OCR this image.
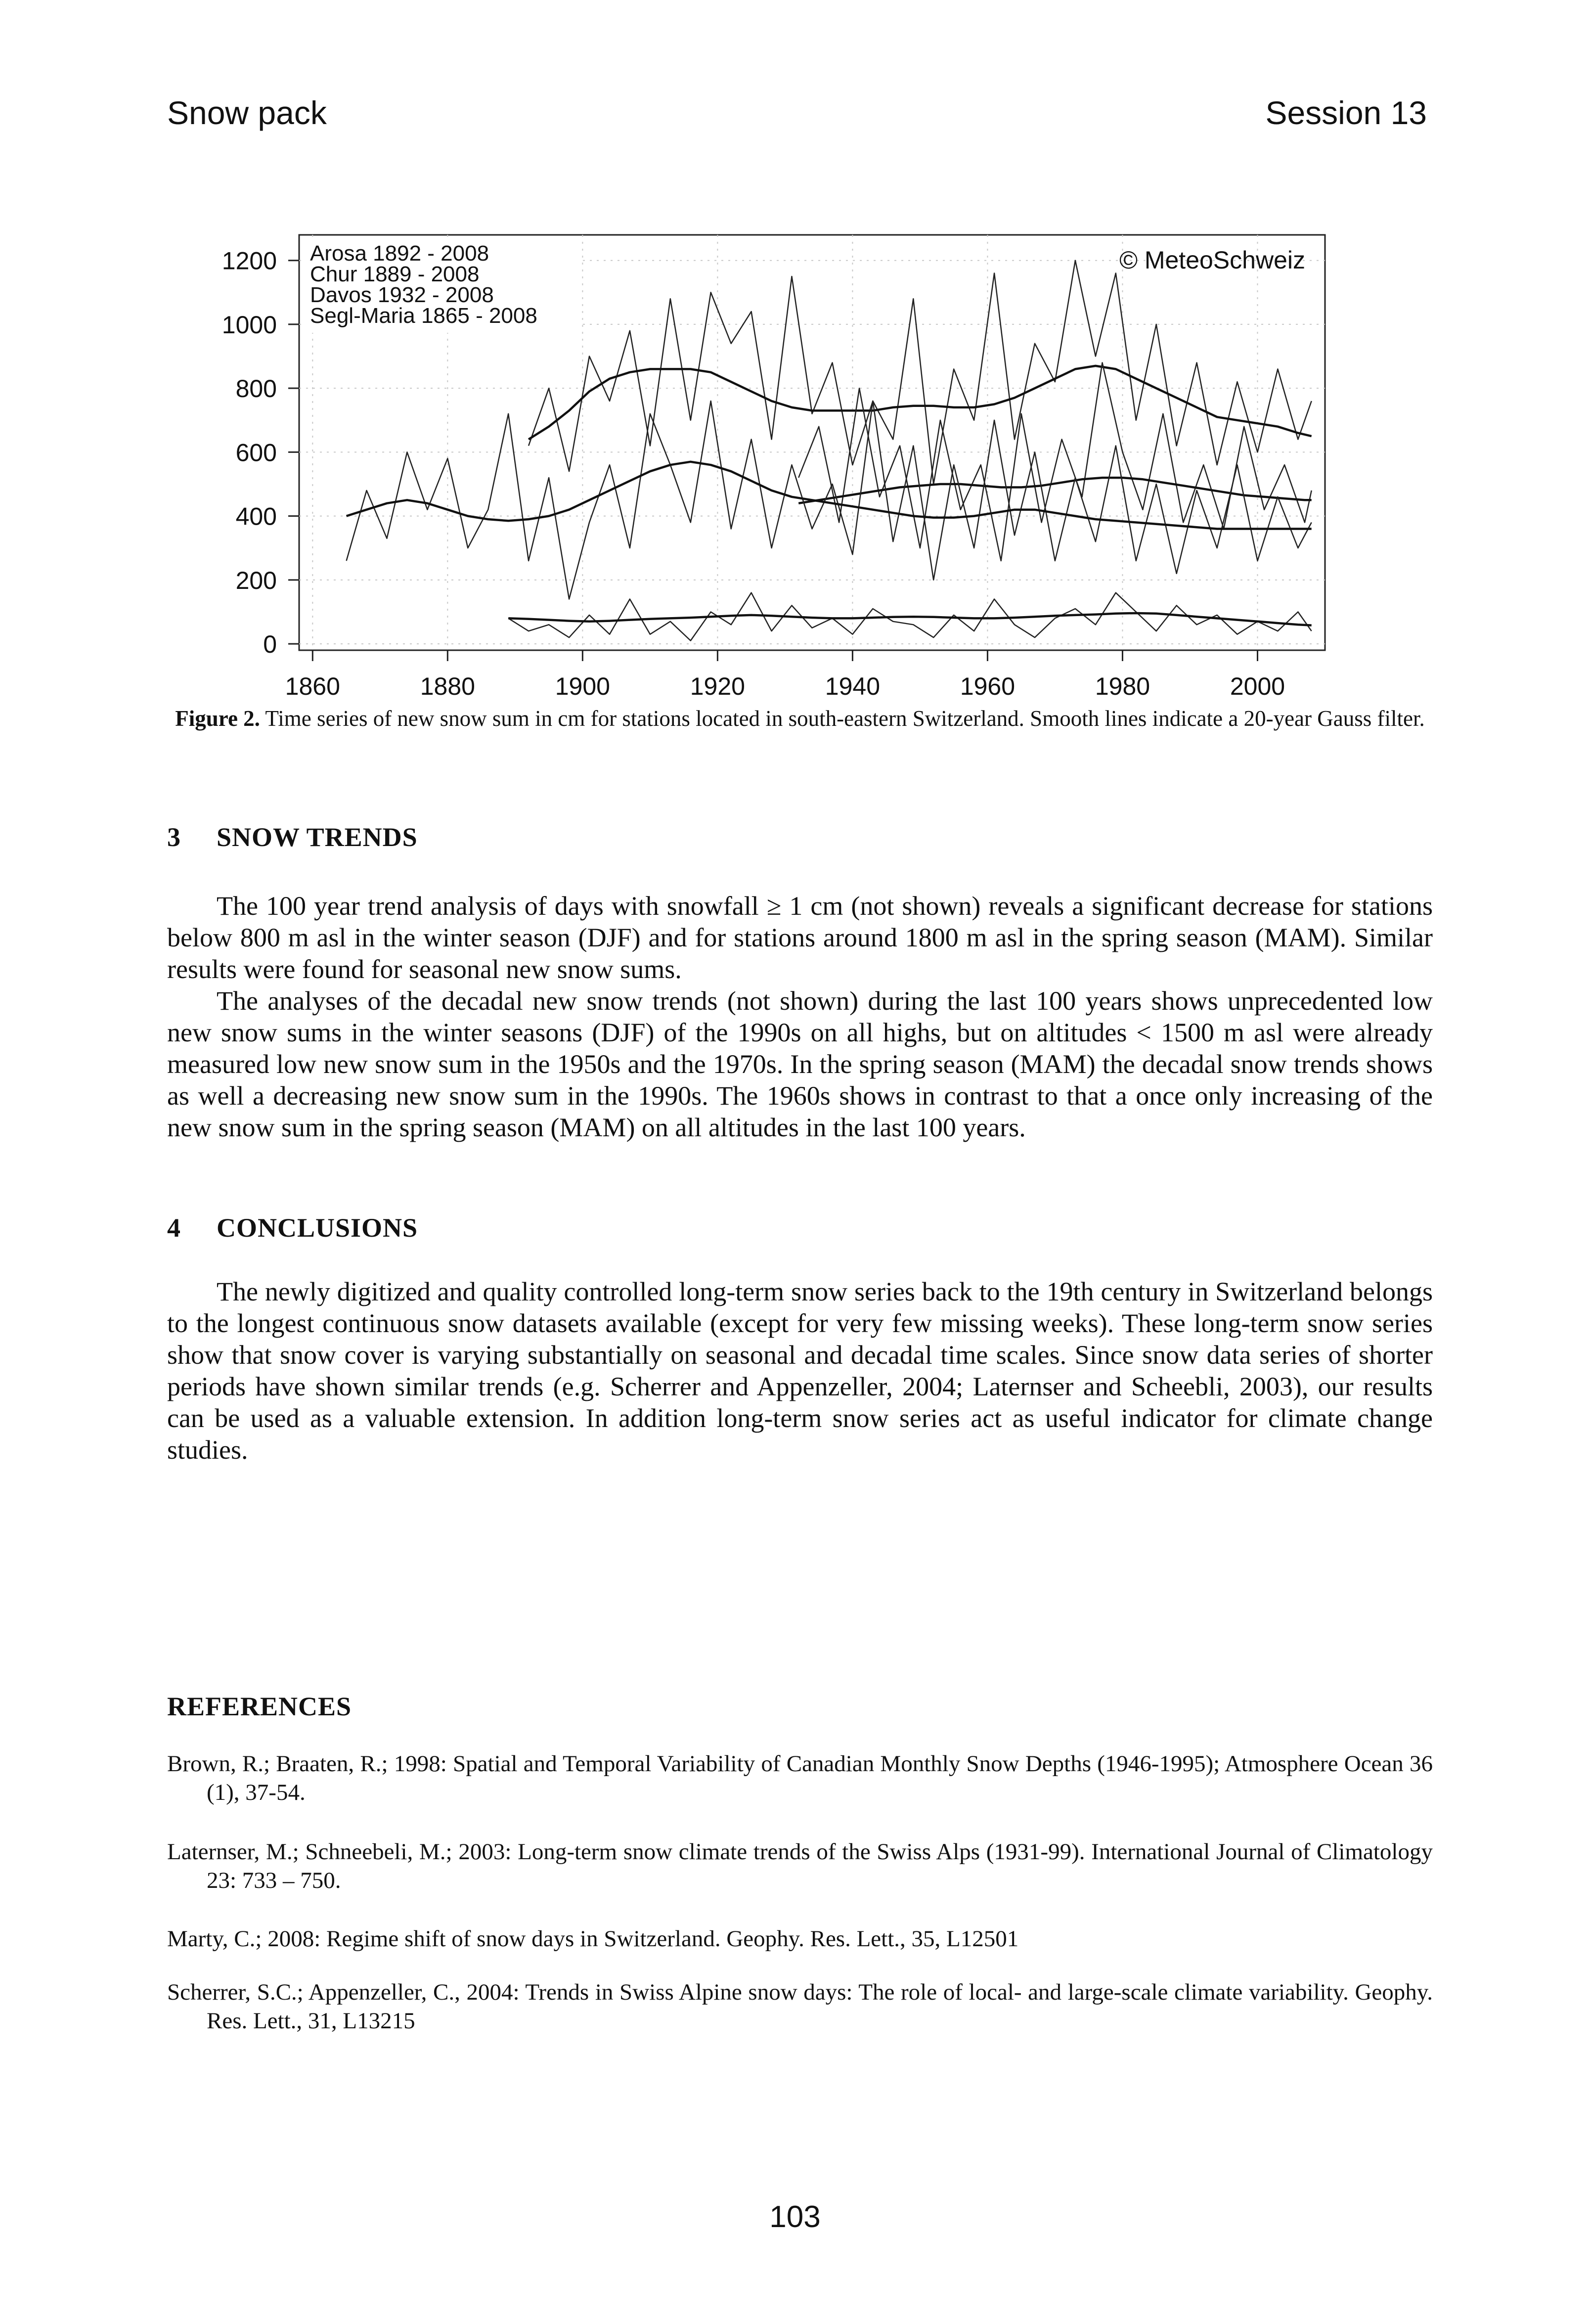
Snow pack	Session 13
0
200
400
600
800
1000
1200
1860	1880	1900	1920	1940	1960	1980	2000
Arosa 1892 - 2008
Chur 1889 - 2008
Davos 1932 - 2008
Segl-Maria 1865 - 2008
© MeteoSchweiz
Figure 2. Time series of new snow sum in cm for stations located in south-eastern Switzerland. Smooth lines indicate a 20-year Gauss filter.
3 SNOW TRENDS

The 100 year trend analysis of days with snowfall ≥ 1 cm (not shown) reveals a significant decrease for stations below 800 m asl in the winter season (DJF) and for stations around 1800 m asl in the spring season (MAM). Similar results were found for seasonal new snow sums.

The analyses of the decadal new snow trends (not shown) during the last 100 years shows unprecedented low new snow sums in the winter seasons (DJF) of the 1990s on all highs, but on altitudes < 1500 m asl were already measured low new snow sum in the 1950s and the 1970s. In the spring season (MAM) the decadal snow trends shows as well a decreasing new snow sum in the 1990s. The 1960s shows in contrast to that a once only increasing of the new snow sum in the spring season (MAM) on all altitudes in the last 100 years.

4 CONCLUSIONS

The newly digitized and quality controlled long-term snow series back to the 19th century in Switzerland belongs to the longest continuous snow datasets available (except for very few missing weeks). These long-term snow series show that snow cover is varying substantially on seasonal and decadal time scales. Since snow data series of shorter periods have shown similar trends (e.g. Scherrer and Appenzeller, 2004; Laternser and Scheebli, 2003), our results can be used as a valuable extension. In addition long-term snow series act as useful indicator for climate change studies.

REFERENCES
Brown, R.; Braaten, R.; 1998: Spatial and Temporal Variability of Canadian Monthly Snow Depths (1946-1995); Atmosphere Ocean 36 (1), 37-54.
Laternser, M.; Schneebeli, M.; 2003: Long-term snow climate trends of the Swiss Alps (1931-99). International Journal of Climatology 23: 733 – 750.
Marty, C.; 2008: Regime shift of snow days in Switzerland. Geophy. Res. Lett., 35, L12501
Scherrer, S.C.; Appenzeller, C., 2004: Trends in Swiss Alpine snow days: The role of local- and large-scale climate variability. Geophy. Res. Lett., 31, L13215
103
